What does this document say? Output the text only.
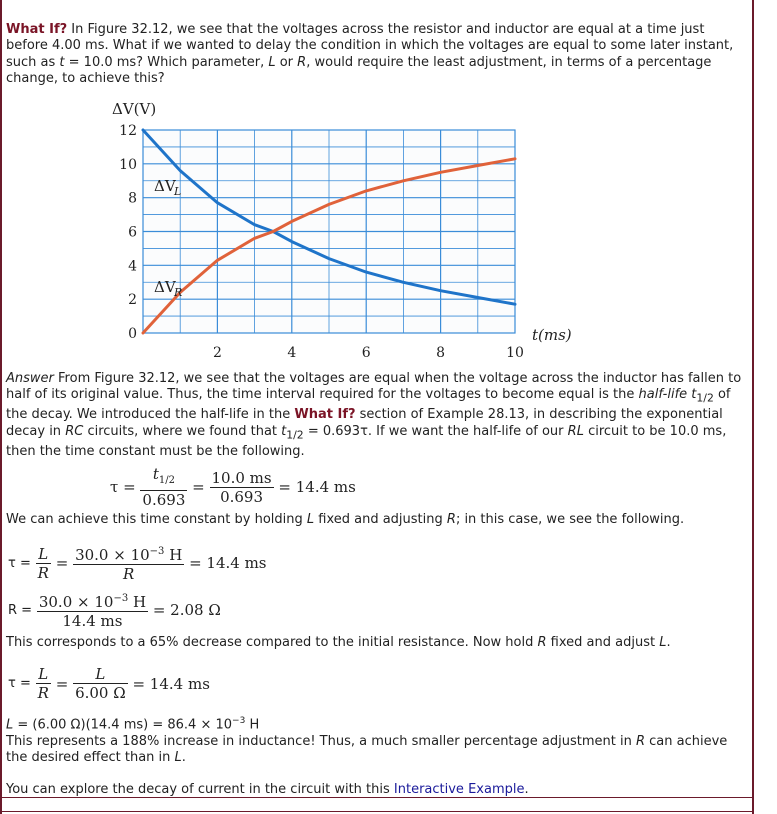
What If? In Figure 32.12, we see that the voltages across the resistor and inductor are equal at a time just before 4.00 ms. What if we wanted to delay the condition in which the voltages are equal to some later instant, such as t = 10.0 ms? Which parameter, L or R, would require the least adjustment, in terms of a percentage change, to achieve this?
0
2
4
6
8
10
12
2	4	6	8	10
ΔV(V)
t(ms)
ΔV
L
ΔV
R
Answer From Figure 32.12, we see that the voltages are equal when the voltage across the inductor has fallen to half of its original value. Thus, the time interval required for the voltages to become equal is the half-life $t_{1/2}$ of the decay. We introduced the half-life in the What If? section of Example 28.13, in describing the exponential decay in RC circuits, where we found that $t_{1/2} = 0.693\tau$. If we want the half-life of our RL circuit to be 10.0 ms, then the time constant must be the following.
τ =
$\frac{t_{1/2}}{0.693}$
=
$\frac{10.0 ms}{0.693}$
= 14.4 ms
We can achieve this time constant by holding L fixed and adjusting R; in this case, we see the following.
τ =
$\frac{L}{R}$
=
$\frac{30.0 \times 10^{-3} H}{R}$
= 14.4 ms
R =
$\frac{30.0 \times 10^{-3} H}{14.4 ms}$
= 2.08 Ω
This corresponds to a 65% decrease compared to the initial resistance. Now hold R fixed and adjust L.
τ =
$\frac{L}{R}$
=
$\frac{L}{6.00 \Omega}$
= 14.4 ms
L = (6.00 Ω)(14.4 $ms) = 86.4 \times 10^{-3}$ H
This represents a 188% increase in inductance! Thus, a much smaller percentage adjustment in R can achieve the desired effect than in L.
You can explore the decay of current in the circuit with this Interactive Example.
